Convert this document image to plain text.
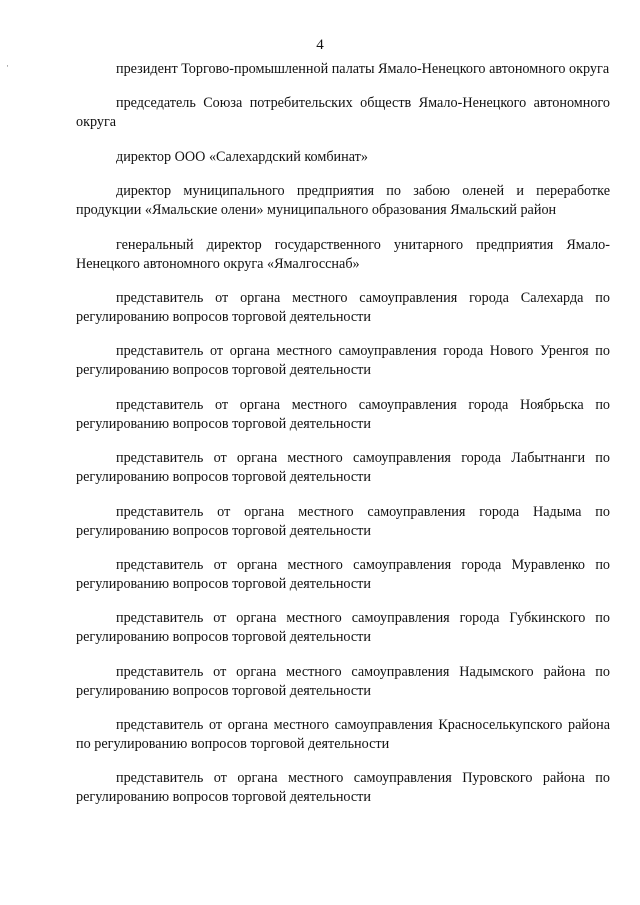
4
·	президент Торгово-промышленной палаты Ямало-Ненецкого автономного округа
председатель Союза потребительских обществ Ямало-Ненецкого автономного округа
директор ООО «Салехардский комбинат»
директор муниципального предприятия по забою оленей и переработке продукции «Ямальские олени» муниципального образования Ямальский район
генеральный директор государственного унитарного предприятия Ямало-Ненецкого автономного округа «Ямалгосснаб»
представитель от органа местного самоуправления города Салехарда по регулированию вопросов торговой деятельности
представитель от органа местного самоуправления города Нового Уренгоя по регулированию вопросов торговой деятельности
представитель от органа местного самоуправления города Ноябрьска по регулированию вопросов торговой деятельности
представитель от органа местного самоуправления города Лабытнанги по регулированию вопросов торговой деятельности
представитель от органа местного самоуправления города Надыма по регулированию вопросов торговой деятельности
представитель от органа местного самоуправления города Муравленко по регулированию вопросов торговой деятельности
представитель от органа местного самоуправления города Губкинского по регулированию вопросов торговой деятельности
представитель от органа местного самоуправления Надымского района по регулированию вопросов торговой деятельности
представитель от органа местного самоуправления Красноселькупского района по регулированию вопросов торговой деятельности
представитель от органа местного самоуправления Пуровского района по регулированию вопросов торговой деятельности
